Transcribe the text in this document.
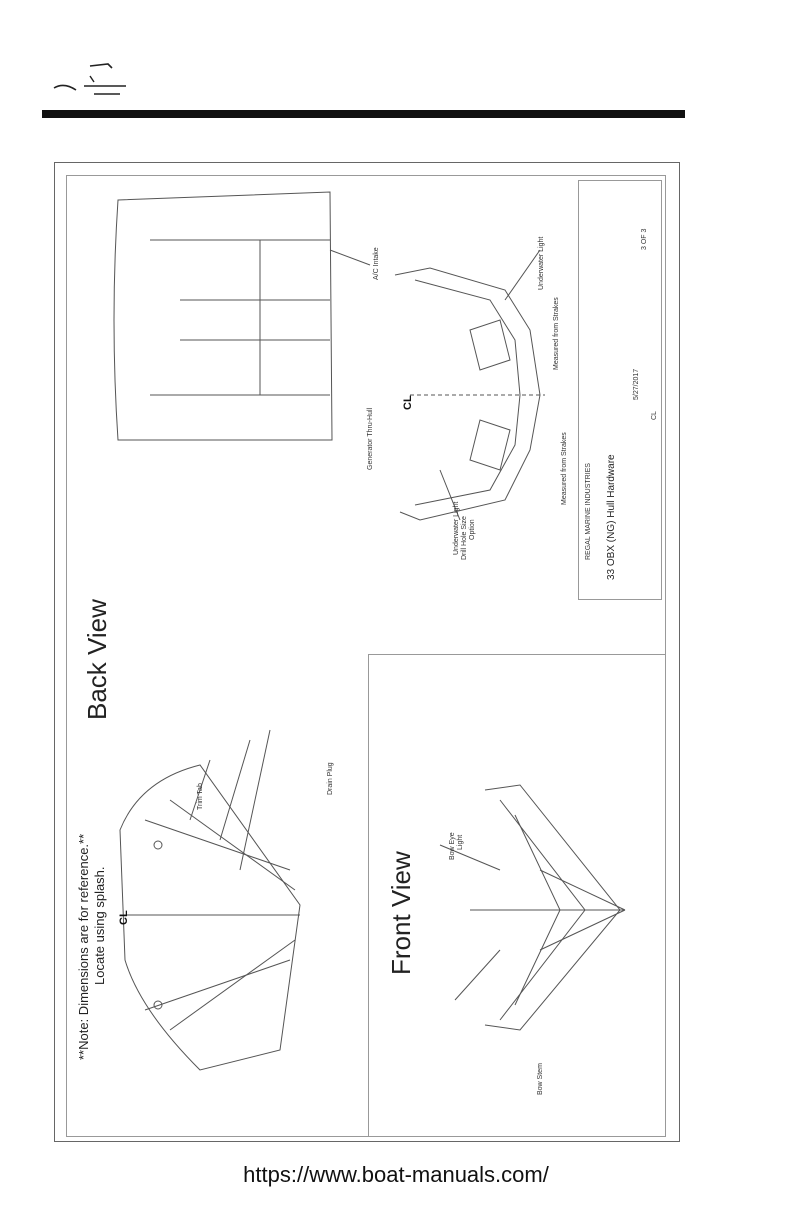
Back View
Front View
**Note: Dimensions are for reference.** Locate using splash.
CL
CL
Trim Tab
Underwater Light
Underwater Light
Drill Hole Size Option
Bow Eye Light
Bow Stem
A/C Intake
Measured from Strakes
Measured from Strakes
Drain Plug
Generator Thru-Hull
REGAL MARINE INDUSTRIES 33 OBX (NG) Hull Hardware
5/27/2017
3 OF 3
CL
https://www.boat-manuals.com/
